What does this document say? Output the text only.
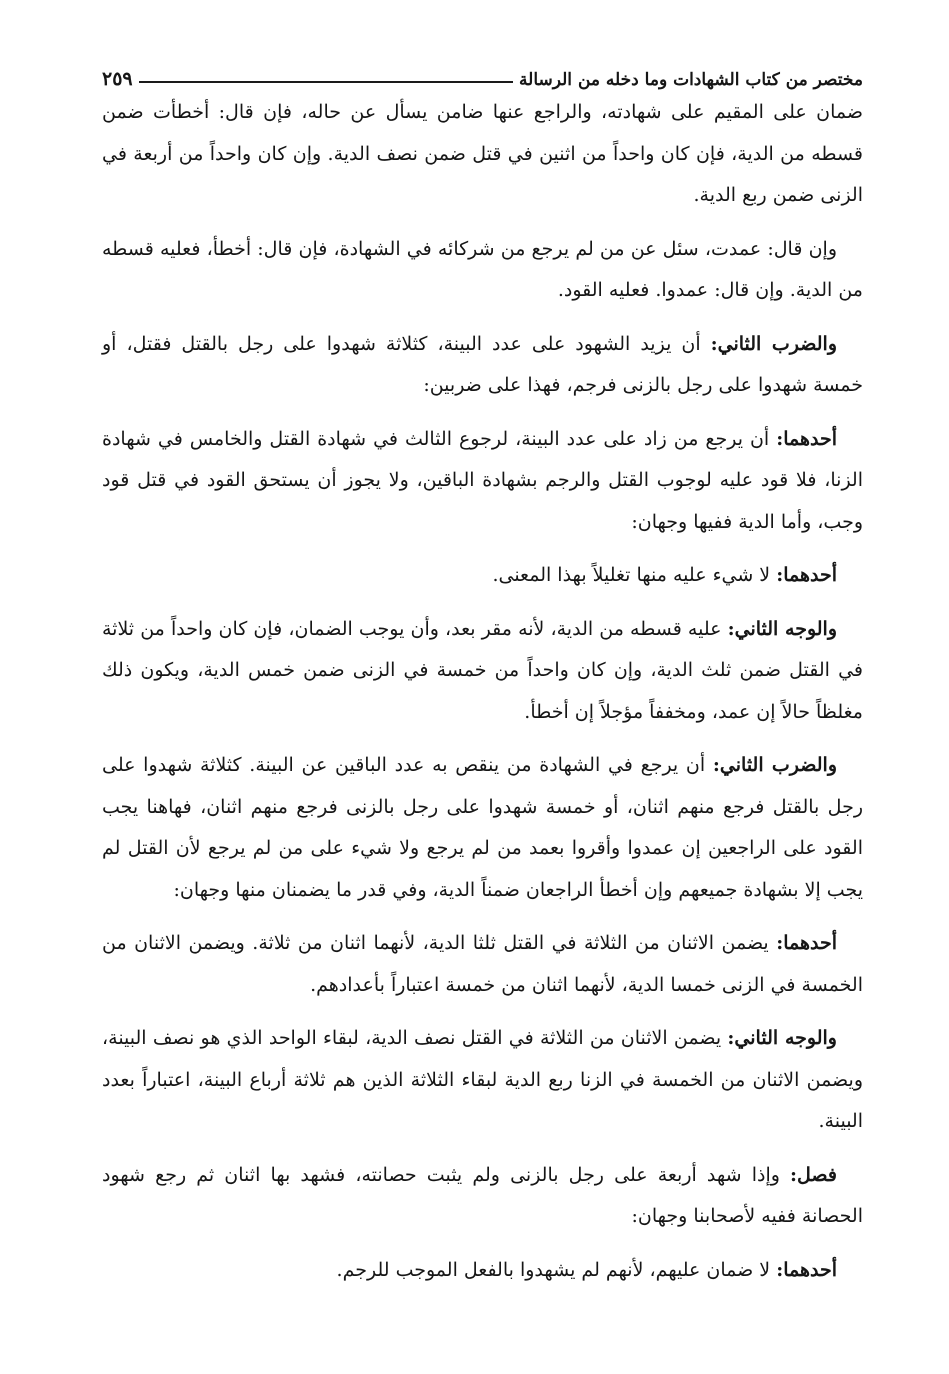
مختصر من كتاب الشهادات وما دخله من الرسالة
٢٥٩

ضمان على المقيم على شهادته، والراجع عنها ضامن يسأل عن حاله، فإن قال: أخطأت ضمن قسطه من الدية، فإن كان واحداً من اثنين في قتل ضمن نصف الدية. وإن كان واحداً من أربعة في الزنى ضمن ربع الدية.

وإن قال: عمدت، سئل عن من لم يرجع من شركائه في الشهادة، فإن قال: أخطأ، فعليه قسطه من الدية. وإن قال: عمدوا. فعليه القود.

والضرب الثاني: أن يزيد الشهود على عدد البينة، كثلاثة شهدوا على رجل بالقتل فقتل، أو خمسة شهدوا على رجل بالزنى فرجم، فهذا على ضربين:

أحدهما: أن يرجع من زاد على عدد البينة، لرجوع الثالث في شهادة القتل والخامس في شهادة الزنا، فلا قود عليه لوجوب القتل والرجم بشهادة الباقين، ولا يجوز أن يستحق القود في قتل قود وجب، وأما الدية ففيها وجهان:

أحدهما: لا شيء عليه منها تغليلاً بهذا المعنى.

والوجه الثاني: عليه قسطه من الدية، لأنه مقر بعد، وأن يوجب الضمان، فإن كان واحداً من ثلاثة في القتل ضمن ثلث الدية، وإن كان واحداً من خمسة في الزنى ضمن خمس الدية، ويكون ذلك مغلظاً حالاً إن عمد، ومخففاً مؤجلاً إن أخطأ.

والضرب الثاني: أن يرجع في الشهادة من ينقص به عدد الباقين عن البينة. كثلاثة شهدوا على رجل بالقتل فرجع منهم اثنان، أو خمسة شهدوا على رجل بالزنى فرجع منهم اثنان، فهاهنا يجب القود على الراجعين إن عمدوا وأقروا بعمد من لم يرجع ولا شيء على من لم يرجع لأن القتل لم يجب إلا بشهادة جميعهم وإن أخطأ الراجعان ضمناً الدية، وفي قدر ما يضمنان منها وجهان:

أحدهما: يضمن الاثنان من الثلاثة في القتل ثلثا الدية، لأنهما اثنان من ثلاثة. ويضمن الاثنان من الخمسة في الزنى خمسا الدية، لأنهما اثنان من خمسة اعتباراً بأعدادهم.

والوجه الثاني: يضمن الاثنان من الثلاثة في القتل نصف الدية، لبقاء الواحد الذي هو نصف البينة، ويضمن الاثنان من الخمسة في الزنا ربع الدية لبقاء الثلاثة الذين هم ثلاثة أرباع البينة، اعتباراً بعدد البينة.

فصل: وإذا شهد أربعة على رجل بالزنى ولم يثبت حصانته، فشهد بها اثنان ثم رجع شهود الحصانة ففيه لأصحابنا وجهان:

أحدهما: لا ضمان عليهم، لأنهم لم يشهدوا بالفعل الموجب للرجم.
